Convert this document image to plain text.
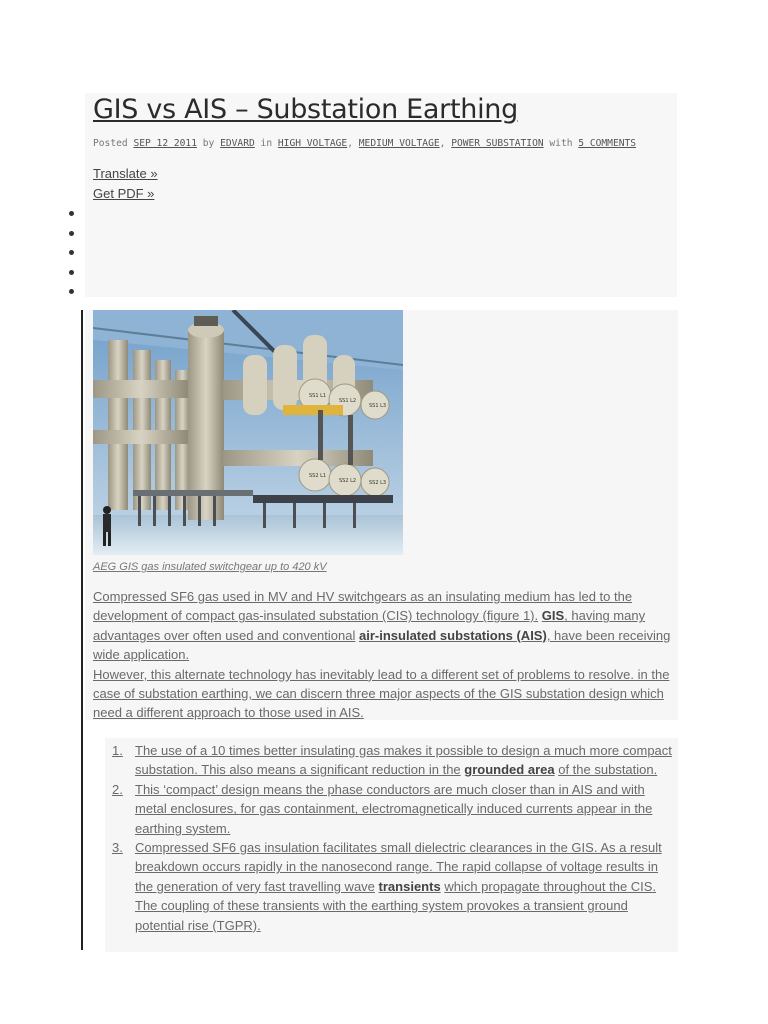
GIS vs AIS – Substation Earthing
Posted SEP 12 2011 by EDVARD in HIGH VOLTAGE, MEDIUM VOLTAGE, POWER SUBSTATION with 5 COMMENTS
Translate »
Get PDF »
SS1 L1
SS1 L2
SS1 L3
SS2 L1
SS2 L2	SS2 L3
AEG GIS gas insulated switchgear up to 420 kV
Compressed SF6 gas used in MV and HV switchgears as an insulating medium has led to the development of compact gas-insulated substation (CIS) technology (figure 1). GIS, having many advantages over often used and conventional air-insulated substations (AIS), have been receiving wide application.
However, this alternate technology has inevitably lead to a different set of problems to resolve. in the case of substation earthing, we can discern three major aspects of the GIS substation design which need a different approach to those used in AIS.
1. The use of a 10 times better insulating gas makes it possible to design a much more compact substation. This also means a significant reduction in the grounded area of the substation.
2. This ‘compact’ design means the phase conductors are much closer than in AIS and with metal enclosures, for gas containment, electromagnetically induced currents appear in the earthing system.
3. Compressed SF6 gas insulation facilitates small dielectric clearances in the GIS. As a result breakdown occurs rapidly in the nanosecond range. The rapid collapse of voltage results in the generation of very fast travelling wave transients which propagate throughout the CIS. The coupling of these transients with the earthing system provokes a transient ground potential rise (TGPR).
